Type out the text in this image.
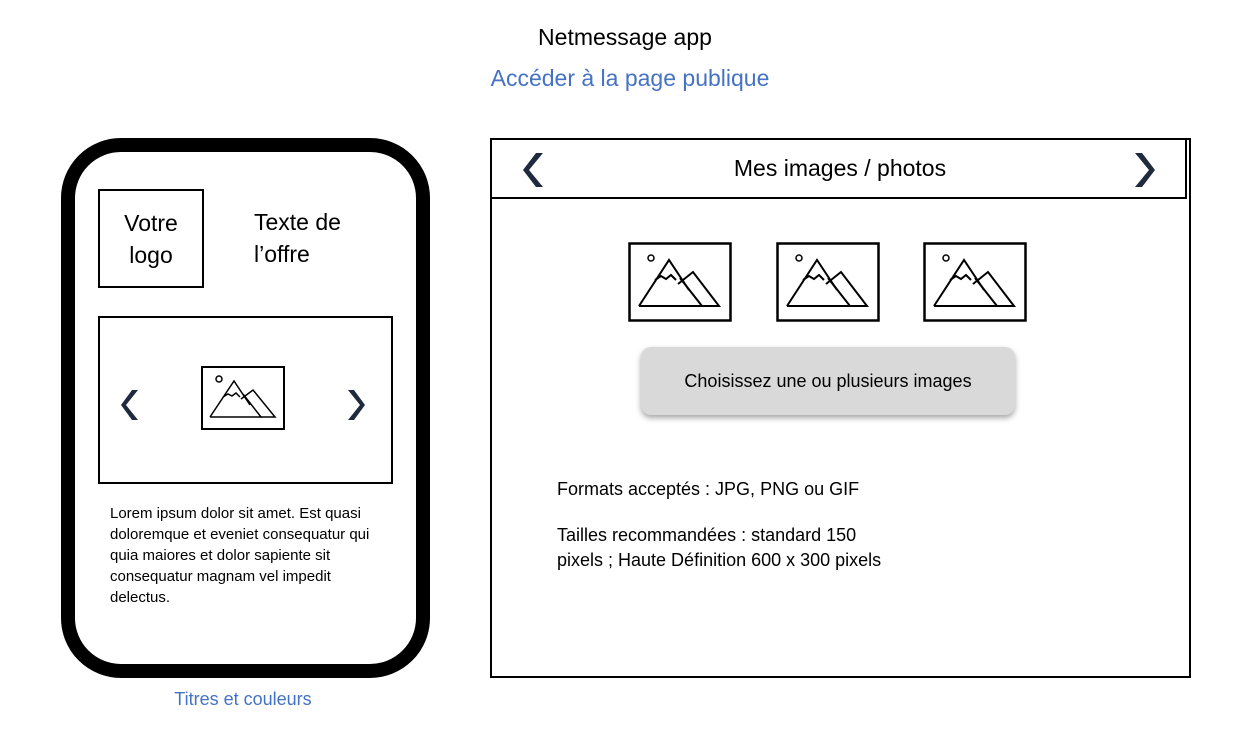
Netmessage app
Accéder à la page publique
Votre logo
Texte de l’offre
Lorem ipsum dolor sit amet. Est quasi doloremque et eveniet consequatur qui quia maiores et dolor sapiente sit consequatur magnam vel impedit delectus.
Titres et couleurs
Mes images / photos
Choisissez une ou plusieurs images
Formats acceptés : JPG, PNG ou GIF
Tailles recommandées : standard 150
pixels ; Haute Définition 600 x 300 pixels
